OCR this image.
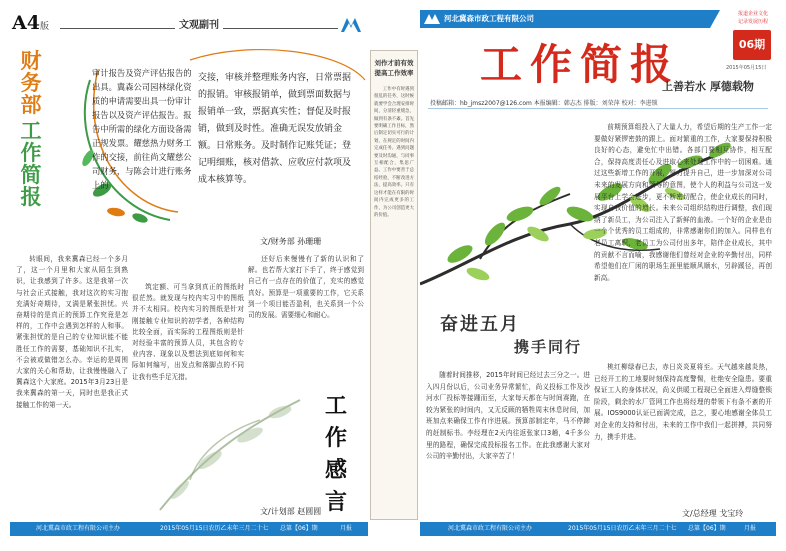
A4 版	文观副刊
财
务
部
工
作
简
报
审计报告及资产评估报告的出具。冀森公司园林绿化资质的申请需要出具一份审计报告以及资产评估报告。报告中所需的绿化方面设备需正规发票。耀慈热力财务工作的交接，前往尚文耀慈公司财务，与陈会计进行账务上的
交接，审核并整理账务内容，日常票据的报销。审核报销单，做到票面数据与报销单一致，票据真实性；督促及时报销，做到及时性。准确无误发放销金额。日常账务。及时制作记账凭证；登记明细账，核对借款、应收应付款项及成本核算等。
文/财务部 孙珊珊
转眼间，我来冀森已经一个多月了，这一个月里和大家从陌生到熟识，让我感到了许多。这是我第一次与社会正式接触，我对这次的实习抱充满好奇期待，又满是紧张担忧。兴奋期待的是真正的预算工作究竟是怎样的，工作中会遇到怎样的人和事。紧张担忧的是自己的专业知识能不能胜任工作的需要，基础知识不扎实，不会被或做错怎么办。幸运的是周围大家的关心和帮助，让我慢慢融入了冀森这个大家庭。2015年3月23日是我来冀森的第一天，同时也是我正式接触工作的第一天。
筑定额、可当拿到真正的图纸时很茫然。就发现与校内实习中的图纸并不太相同。校内实习的图纸是针对刚接触专业知识的初学者，各种结构比较全面，而实际的工程图纸则是针对经验丰富的预算人员，其包含的专业内容、现象以及想法到底如何和实际如何编写，出发点和落脚点的不同让我有些手足无措。
还好后来慢慢有了新的认识和了解。也若帮大家打下手了，终于感觉到自己有一点存在的价值了，充实的感觉真好。预算是一项重要的工作，它关系到一个项目能否盈利，也关系到一个公司的发展。需要细心和耐心。
工
作
感
言
文/计划部 赵圆圆
河北冀森市政工程有限公司主办	2015年05月15日农历乙未年三月二十七 总第【06】期	月报
刘作才前有效提高工作效率
工作中有时遇到很乱的任务，这时候就要学会合理安排时间，分清轻重缓急，做到有条不紊。首先要明确工作目标，然后制定切实可行的计划，在规定的时间内完成任务。遇到问题要及时沟通，与同事互相配合，集思广益。工作中要善于总结经验，不断改进方法，提高效率。只有这样才能在有限的时间内完成更多的工作，为公司创造更大的价值。
河北冀森市政工程有限公司	报道企业文化
记录发展历程
工作简报	06期
2015年05月15日
上善若水 厚德载物
投稿邮箱：hb_jmsz2007@126.com 本报编辑：韩志杰 排版：刘荣萍 校对：李进锁
前期预算组投入了大量人力，希望后期的生产工作一定要做好紧锣密鼓的跟上。面对繁重的工作，大家要保持积极良好的心态，避免忙中出错。各部门要相互协作，相互配合，保持高度责任心及进取心来处理工作中的一切困难。通过这些新增工作的开展，努力提升自己，进一步加深对公司未来的发展方向和领导的意图，使个人的利益与公司这一发展平台上学会进步，更不断密切配合，使企业成长的同时，实现自我价值的增长。未来公司组织结构进行调整，我们现纳了新员工，为公司注入了新鲜的血液。一个好的企业是由一个个优秀的员工组成的，非常感谢你们的加入。同样也有老员工离职，老员工为公司付出多年，陪伴企业成长，其中的贡献不言而喻，我感谢他们曾经对企业的辛勤付出，同样希望他们在厂闲的职场生涯里能顺风顺水，另辟蹊径，再创新高。
桃红柳绿春已去，赤日炎炎夏将至。天气越来越炎热，已经开工的工地要时刻保持高度警惕，杜绝安全隐患。要重保证工人的身体状况，尚义供暖工程现已全面进入焊缝整锁阶段，剩余的水厂管网工作也将经理的带领下有条不紊的开展。IOS9000认证已面满完成，总之，要心地感谢全体员工对企业的支持和付出，未来的工作中我们一起拼搏，共同努力，携手并进。
奋进五月
携手同行
随着时间推移，2015年时间已经过去三分之一。进入四月份以后，公司业务异常繁忙，尚义投标工作及沙河水厂投标等接踵而至，大家每天都在与时间赛跑，在较为紧张的时间内，又无反顾的牺牲周末休息时间，加班加点来确保工作有序进展。预算部制定年，马不停蹄的赶制标书。李经理在2天内往返张家口3趟，4千多公里的路程，确保完成投标报名工作。在此我感谢大家对公司的辛勤付出，大家辛苦了！
文/总经理 戈宝玲
河北冀森市政工程有限公司主办	2015年05月15日农历乙未年三月二十七 总第【06】期	月报
